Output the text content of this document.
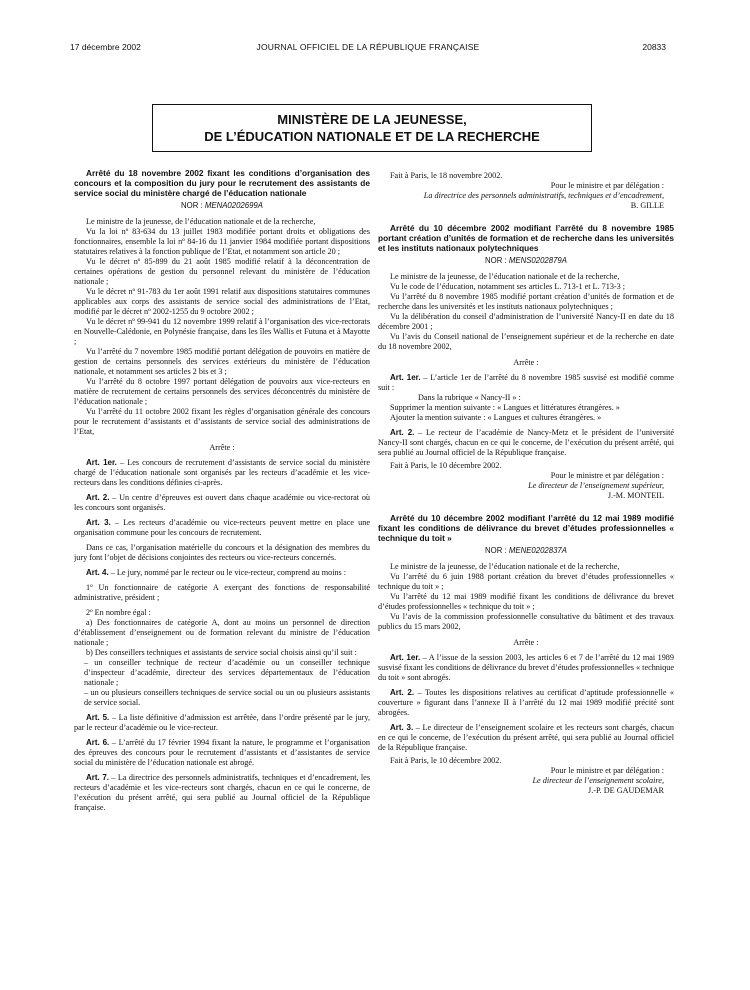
17 décembre 2002	JOURNAL OFFICIEL DE LA RÉPUBLIQUE FRANÇAISE	20833
MINISTÈRE DE LA JEUNESSE,
DE L’ÉDUCATION NATIONALE ET DE LA RECHERCHE

Arrêté du 18 novembre 2002 fixant les conditions d’organisation des concours et la composition du jury pour le recrutement des assistants de service social du ministère chargé de l’éducation nationale

NOR : MENA0202699A

Le ministre de la jeunesse, de l’éducation nationale et de la recherche,

Vu la loi nº 83-634 du 13 juillet 1983 modifiée portant droits et obligations des fonctionnaires, ensemble la loi nº 84-16 du 11 janvier 1984 modifiée portant dispositions statutaires relatives à la fonction publique de l’Etat, et notamment son article 20 ;

Vu le décret nº 85-899 du 21 août 1985 modifié relatif à la déconcentration de certaines opérations de gestion du personnel relevant du ministère de l’éducation nationale ;

Vu le décret nº 91-783 du 1er août 1991 relatif aux dispositions statutaires communes applicables aux corps des assistants de service social des administrations de l’Etat, modifié par le décret nº 2002-1255 du 9 octobre 2002 ;

Vu le décret nº 99-941 du 12 novembre 1999 relatif à l’organisation des vice-rectorats en Nouvelle-Calédonie, en Polynésie française, dans les îles Wallis et Futuna et à Mayotte ;

Vu l’arrêté du 7 novembre 1985 modifié portant délégation de pouvoirs en matière de gestion de certains personnels des services extérieurs du ministère de l’éducation nationale, et notamment ses articles 2 bis et 3 ;

Vu l’arrêté du 8 octobre 1997 portant délégation de pouvoirs aux vice-recteurs en matière de recrutement de certains personnels des services déconcentrés du ministère de l’éducation nationale ;

Vu l’arrêté du 11 octobre 2002 fixant les règles d’organisation générale des concours pour le recrutement d’assistants et d’assistants de service social des administrations de l’Etat,

Arrête :

Art. 1er. – Les concours de recrutement d’assistants de service social du ministère chargé de l’éducation nationale sont organisés par les recteurs d’académie et les vice-recteurs dans les conditions définies ci-après.

Art. 2. – Un centre d’épreuves est ouvert dans chaque académie ou vice-rectorat où les concours sont organisés.

Art. 3. – Les recteurs d’académie ou vice-recteurs peuvent mettre en place une organisation commune pour les concours de recrutement.

Dans ce cas, l’organisation matérielle du concours et la désignation des membres du jury font l’objet de décisions conjointes des recteurs ou vice-recteurs concernés.

Art. 4. – Le jury, nommé par le recteur ou le vice-recteur, comprend au moins :

1º Un fonctionnaire de catégorie A exerçant des fonctions de responsabilité administrative, président ;

2º En nombre égal :

a) Des fonctionnaires de catégorie A, dont au moins un personnel de direction d’établissement d’enseignement ou de formation relevant du ministre de l’éducation nationale ;

b) Des conseillers techniques et assistants de service social choisis ainsi qu’il suit :

– un conseiller technique de recteur d’académie ou un conseiller technique d’inspecteur d’académie, directeur des services départementaux de l’éducation nationale ;

– un ou plusieurs conseillers techniques de service social ou un ou plusieurs assistants de service social.

Art. 5. – La liste définitive d’admission est arrêtée, dans l’ordre présenté par le jury, par le recteur d’académie ou le vice-recteur.

Art. 6. – L’arrêté du 17 février 1994 fixant la nature, le programme et l’organisation des épreuves des concours pour le recrutement d’assistants et d’assistantes de service social du ministère de l’éducation nationale est abrogé.

Art. 7. – La directrice des personnels administratifs, techniques et d’encadrement, les recteurs d’académie et les vice-recteurs sont chargés, chacun en ce qui le concerne, de l’exécution du présent arrêté, qui sera publié au Journal officiel de la République française.

Fait à Paris, le 18 novembre 2002.

Pour le ministre et par délégation :

La directrice des personnels administratifs, techniques et d’encadrement,

B. GILLE

Arrêté du 10 décembre 2002 modifiant l’arrêté du 8 novembre 1985 portant création d’unités de formation et de recherche dans les universités et les instituts nationaux polytechniques

NOR : MENS0202879A

Le ministre de la jeunesse, de l’éducation nationale et de la recherche,

Vu le code de l’éducation, notamment ses articles L. 713-1 et L. 713-3 ;

Vu l’arrêté du 8 novembre 1985 modifié portant création d’unités de formation et de recherche dans les universités et les instituts nationaux polytechniques ;

Vu la délibération du conseil d’administration de l’université Nancy-II en date du 18 décembre 2001 ;

Vu l’avis du Conseil national de l’enseignement supérieur et de la recherche en date du 18 novembre 2002,

Arrête :

Art. 1er. – L’article 1er de l’arrêté du 8 novembre 1985 susvisé est modifié comme suit :

Dans la rubrique « Nancy-II » :

Supprimer la mention suivante : « Langues et littératures étrangères. »

Ajouter la mention suivante : « Langues et cultures étrangères. »

Art. 2. – Le recteur de l’académie de Nancy-Metz et le président de l’université Nancy-II sont chargés, chacun en ce qui le concerne, de l’exécution du présent arrêté, qui sera publié au Journal officiel de la République française.

Fait à Paris, le 10 décembre 2002.

Pour le ministre et par délégation :

Le directeur de l’enseignement supérieur,

J.-M. MONTEIL

Arrêté du 10 décembre 2002 modifiant l’arrêté du 12 mai 1989 modifié fixant les conditions de délivrance du brevet d’études professionnelles « technique du toit »

NOR : MENE0202837A

Le ministre de la jeunesse, de l’éducation nationale et de la recherche,

Vu l’arrêté du 6 juin 1988 portant création du brevet d’études professionnelles « technique du toit » ;

Vu l’arrêté du 12 mai 1989 modifié fixant les conditions de délivrance du brevet d’études professionnelles « technique du toit » ;

Vu l’avis de la commission professionnelle consultative du bâtiment et des travaux publics du 15 mars 2002,

Arrête :

Art. 1er. – A l’issue de la session 2003, les articles 6 et 7 de l’arrêté du 12 mai 1989 susvisé fixant les conditions de délivrance du brevet d’études professionnelles « technique du toit » sont abrogés.

Art. 2. – Toutes les dispositions relatives au certificat d’aptitude professionnelle « couverture » figurant dans l’annexe II à l’arrêté du 12 mai 1989 modifié précité sont abrogées.

Art. 3. – Le directeur de l’enseignement scolaire et les recteurs sont chargés, chacun en ce qui le concerne, de l’exécution du présent arrêté, qui sera publié au Journal officiel de la République française.

Fait à Paris, le 10 décembre 2002.

Pour le ministre et par délégation :

Le directeur de l’enseignement scolaire,

J.-P. DE GAUDEMAR
